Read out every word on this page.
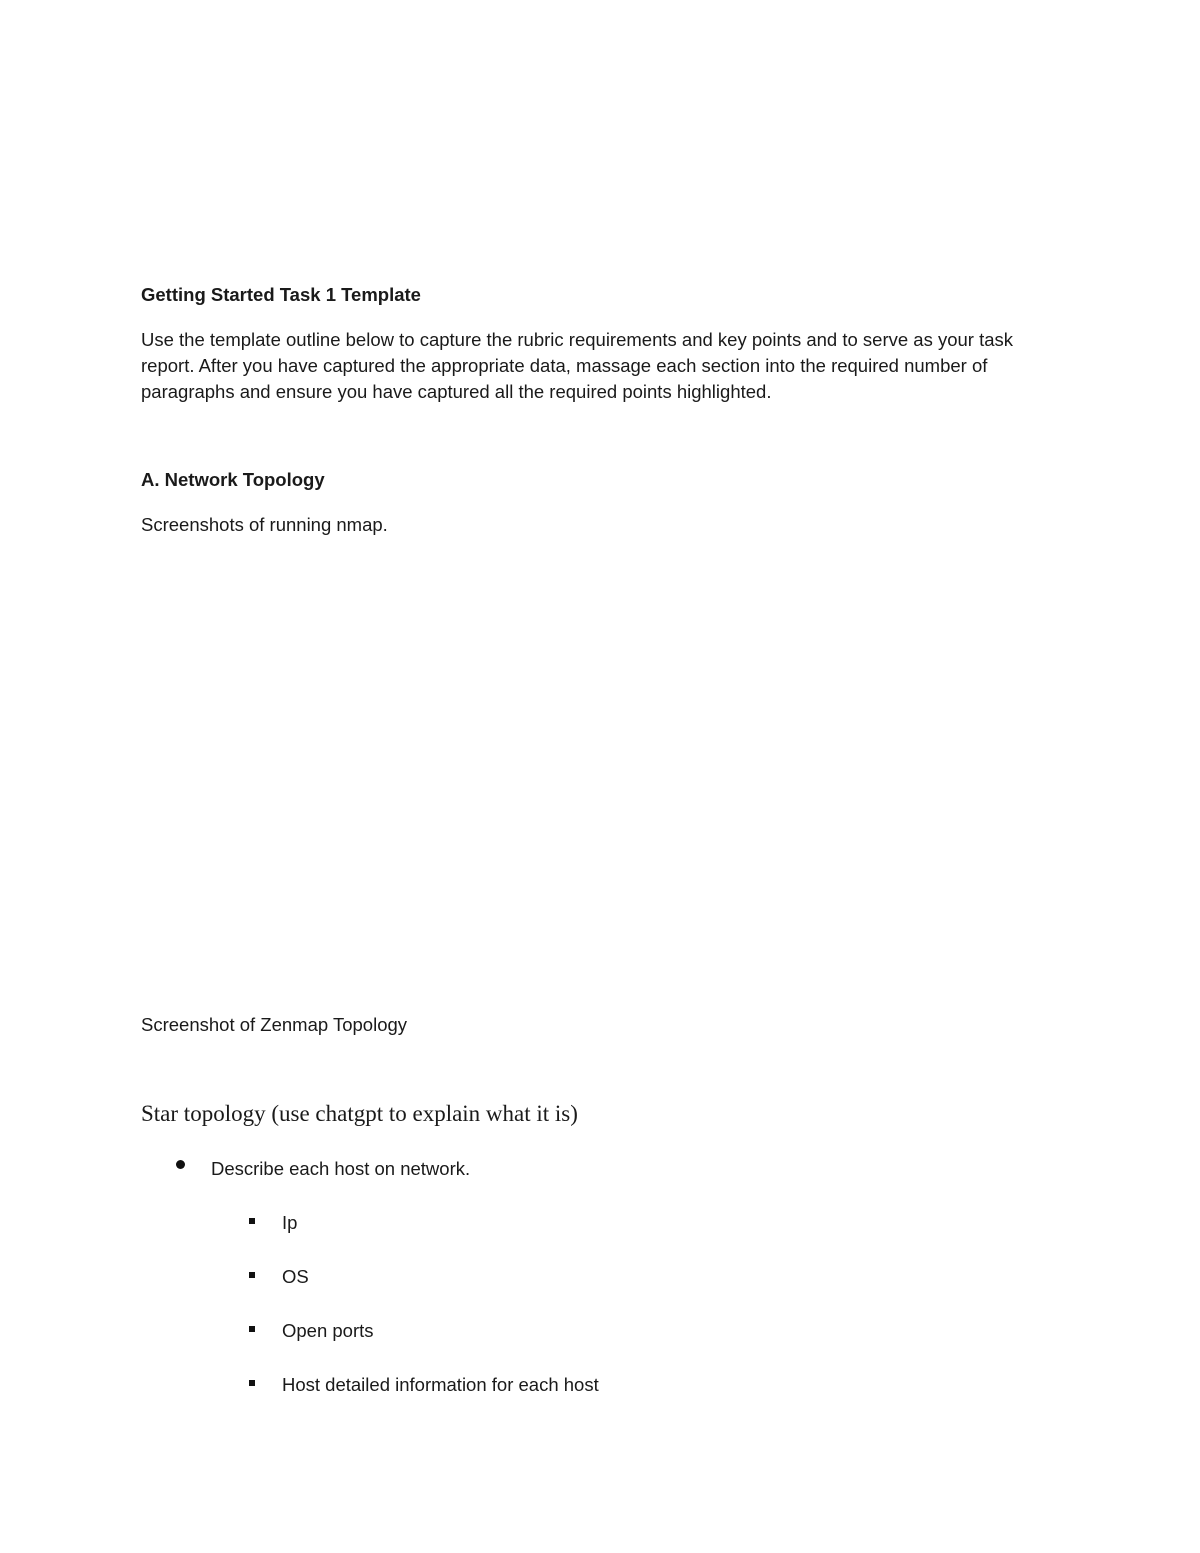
Getting Started Task 1 Template

Use the template outline below to capture the rubric requirements and key points and to serve as your task report. After you have captured the appropriate data, massage each section into the required number of paragraphs and ensure you have captured all the required points highlighted.

A. Network Topology

Screenshots of running nmap.

Screenshot of Zenmap Topology

Star topology (use chatgpt to explain what it is)

Describe each host on network.

Ip

OS

Open ports

Host detailed information for each host
